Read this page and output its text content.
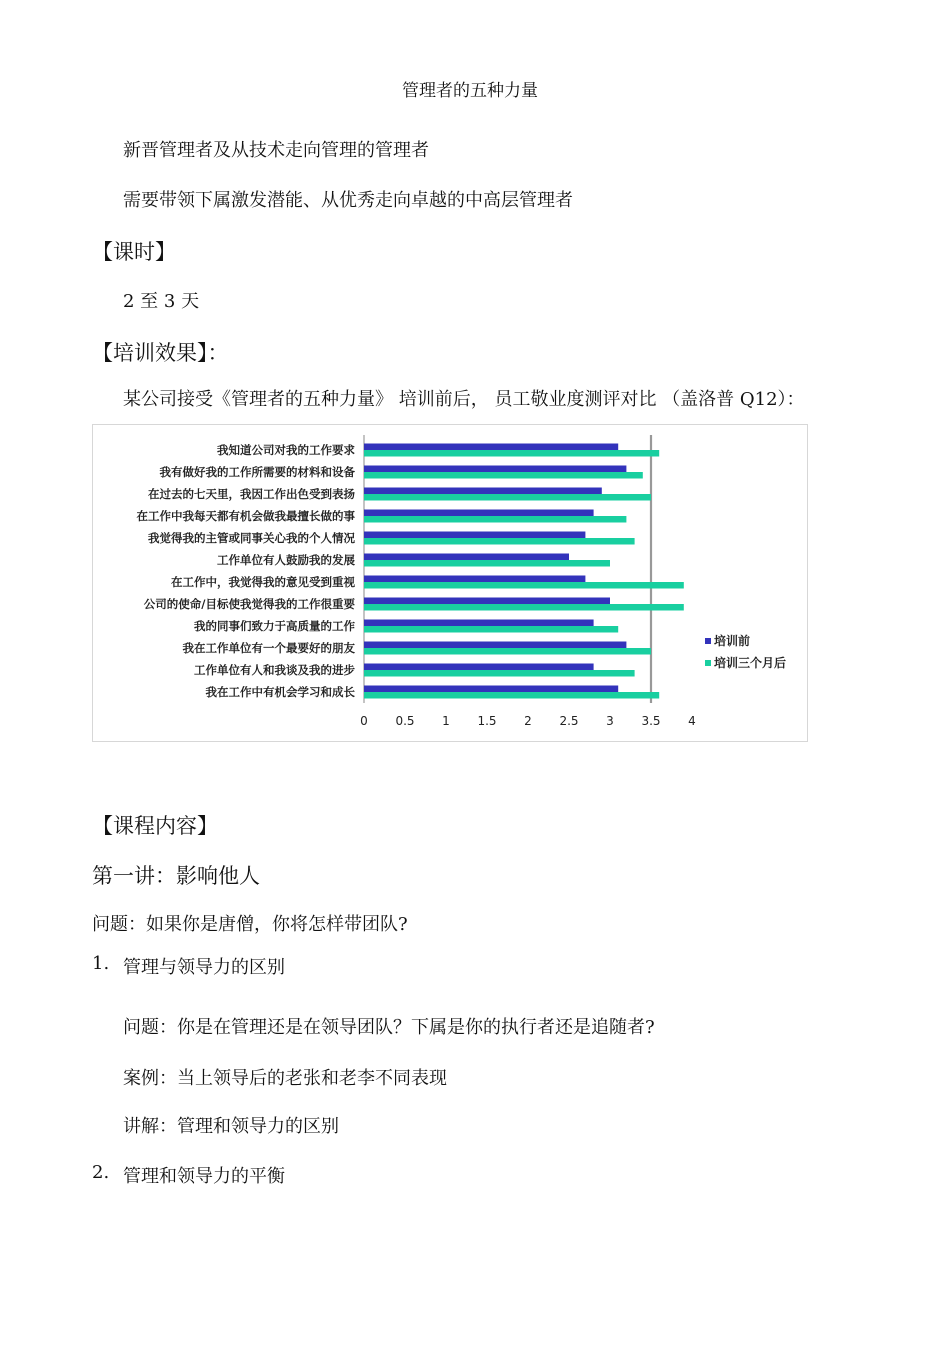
管理者的五种力量
新晋管理者及从技术走向管理的管理者
需要带领下属激发潜能、从优秀走向卓越的中高层管理者
【课时】
2 至 3 天
【培训效果】：
某公司接受《管理者的五种力量》 培训前后， 员工敬业度测评对比 （盖洛普 Q12）：
我知道公司对我的工作要求
我有做好我的工作所需要的材料和设备
在过去的七天里，我因工作出色受到表扬
在工作中我每天都有机会做我最擅长做的事
我觉得我的主管或同事关心我的个人情况
工作单位有人鼓励我的发展
在工作中，我觉得我的意见受到重视
公司的使命/目标使我觉得我的工作很重要
我的同事们致力于高质量的工作
我在工作单位有一个最要好的朋友
工作单位有人和我谈及我的进步
我在工作中有机会学习和成长
0 0.5 1 1.5 2 2.5 3 3.5 4
培训前
培训三个月后
【课程内容】
第一讲：影响他人
问题：如果你是唐僧，你将怎样带团队?
1. 管理与领导力的区别
问题：你是在管理还是在领导团队？下属是你的执行者还是追随者?
案例：当上领导后的老张和老李不同表现
讲解：管理和领导力的区别
2. 管理和领导力的平衡
